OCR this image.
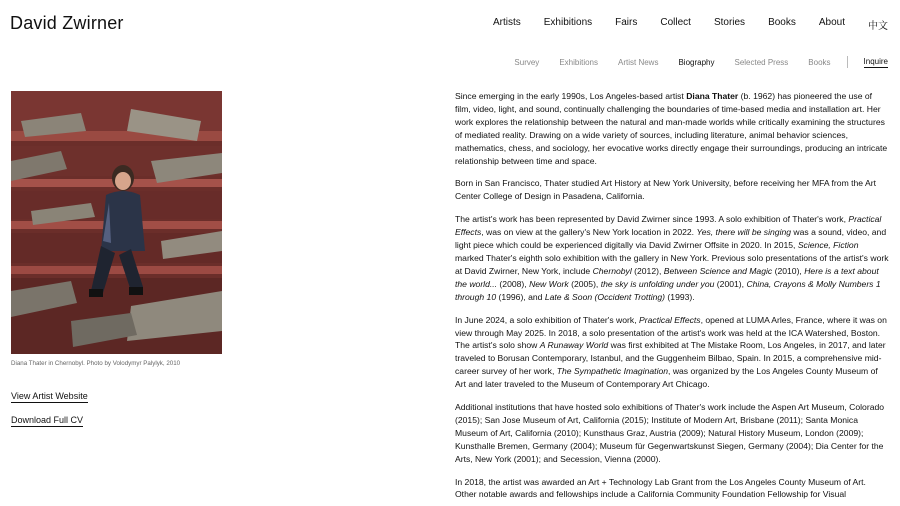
David Zwirner	Artists Exhibitions Fairs Collect Stories Books About 中文
Survey	Exhibitions	Artist News	Biography	Selected Press	Books	Inquire
Diana Thater in Chernobyl. Photo by Volodymyr Palylyk, 2010
View Artist Website
Download Full CV

Since emerging in the early 1990s, Los Angeles-based artist Diana Thater (b. 1962) has pioneered the use of film, video, light, and sound, continually challenging the boundaries of time-based media and installation art. Her work explores the relationship between the natural and man-made worlds while critically examining the structures of mediated reality. Drawing on a wide variety of sources, including literature, animal behavior sciences, mathematics, chess, and sociology, her evocative works directly engage their surroundings, producing an intricate relationship between time and space.

Born in San Francisco, Thater studied Art History at New York University, before receiving her MFA from the Art Center College of Design in Pasadena, California.

The artist's work has been represented by David Zwirner since 1993. A solo exhibition of Thater's work, Practical Effects, was on view at the gallery's New York location in 2022. Yes, there will be singing was a sound, video, and light piece which could be experienced digitally via David Zwirner Offsite in 2020. In 2015, Science, Fiction marked Thater's eighth solo exhibition with the gallery in New York. Previous solo presentations of the artist's work at David Zwirner, New York, include Chernobyl (2012), Between Science and Magic (2010), Here is a text about the world... (2008), New Work (2005), the sky is unfolding under you (2001), China, Crayons & Molly Numbers 1 through 10 (1996), and Late & Soon (Occident Trotting) (1993).

In June 2024, a solo exhibition of Thater's work, Practical Effects, opened at LUMA Arles, France, where it was on view through May 2025. In 2018, a solo presentation of the artist's work was held at the ICA Watershed, Boston. The artist's solo show A Runaway World was first exhibited at The Mistake Room, Los Angeles, in 2017, and later traveled to Borusan Contemporary, Istanbul, and the Guggenheim Bilbao, Spain. In 2015, a comprehensive mid-career survey of her work, The Sympathetic Imagination, was organized by the Los Angeles County Museum of Art and later traveled to the Museum of Contemporary Art Chicago.

Additional institutions that have hosted solo exhibitions of Thater's work include the Aspen Art Museum, Colorado (2015); San Jose Museum of Art, California (2015); Institute of Modern Art, Brisbane (2011); Santa Monica Museum of Art, California (2010); Kunsthaus Graz, Austria (2009); Natural History Museum, London (2009); Kunsthalle Bremen, Germany (2004); Museum für Gegenwartskunst Siegen, Germany (2004); Dia Center for the Arts, New York (2001); and Secession, Vienna (2000).

In 2018, the artist was awarded an Art + Technology Lab Grant from the Los Angeles County Museum of Art. Other notable awards and fellowships include a California Community Foundation Fellowship for Visual
